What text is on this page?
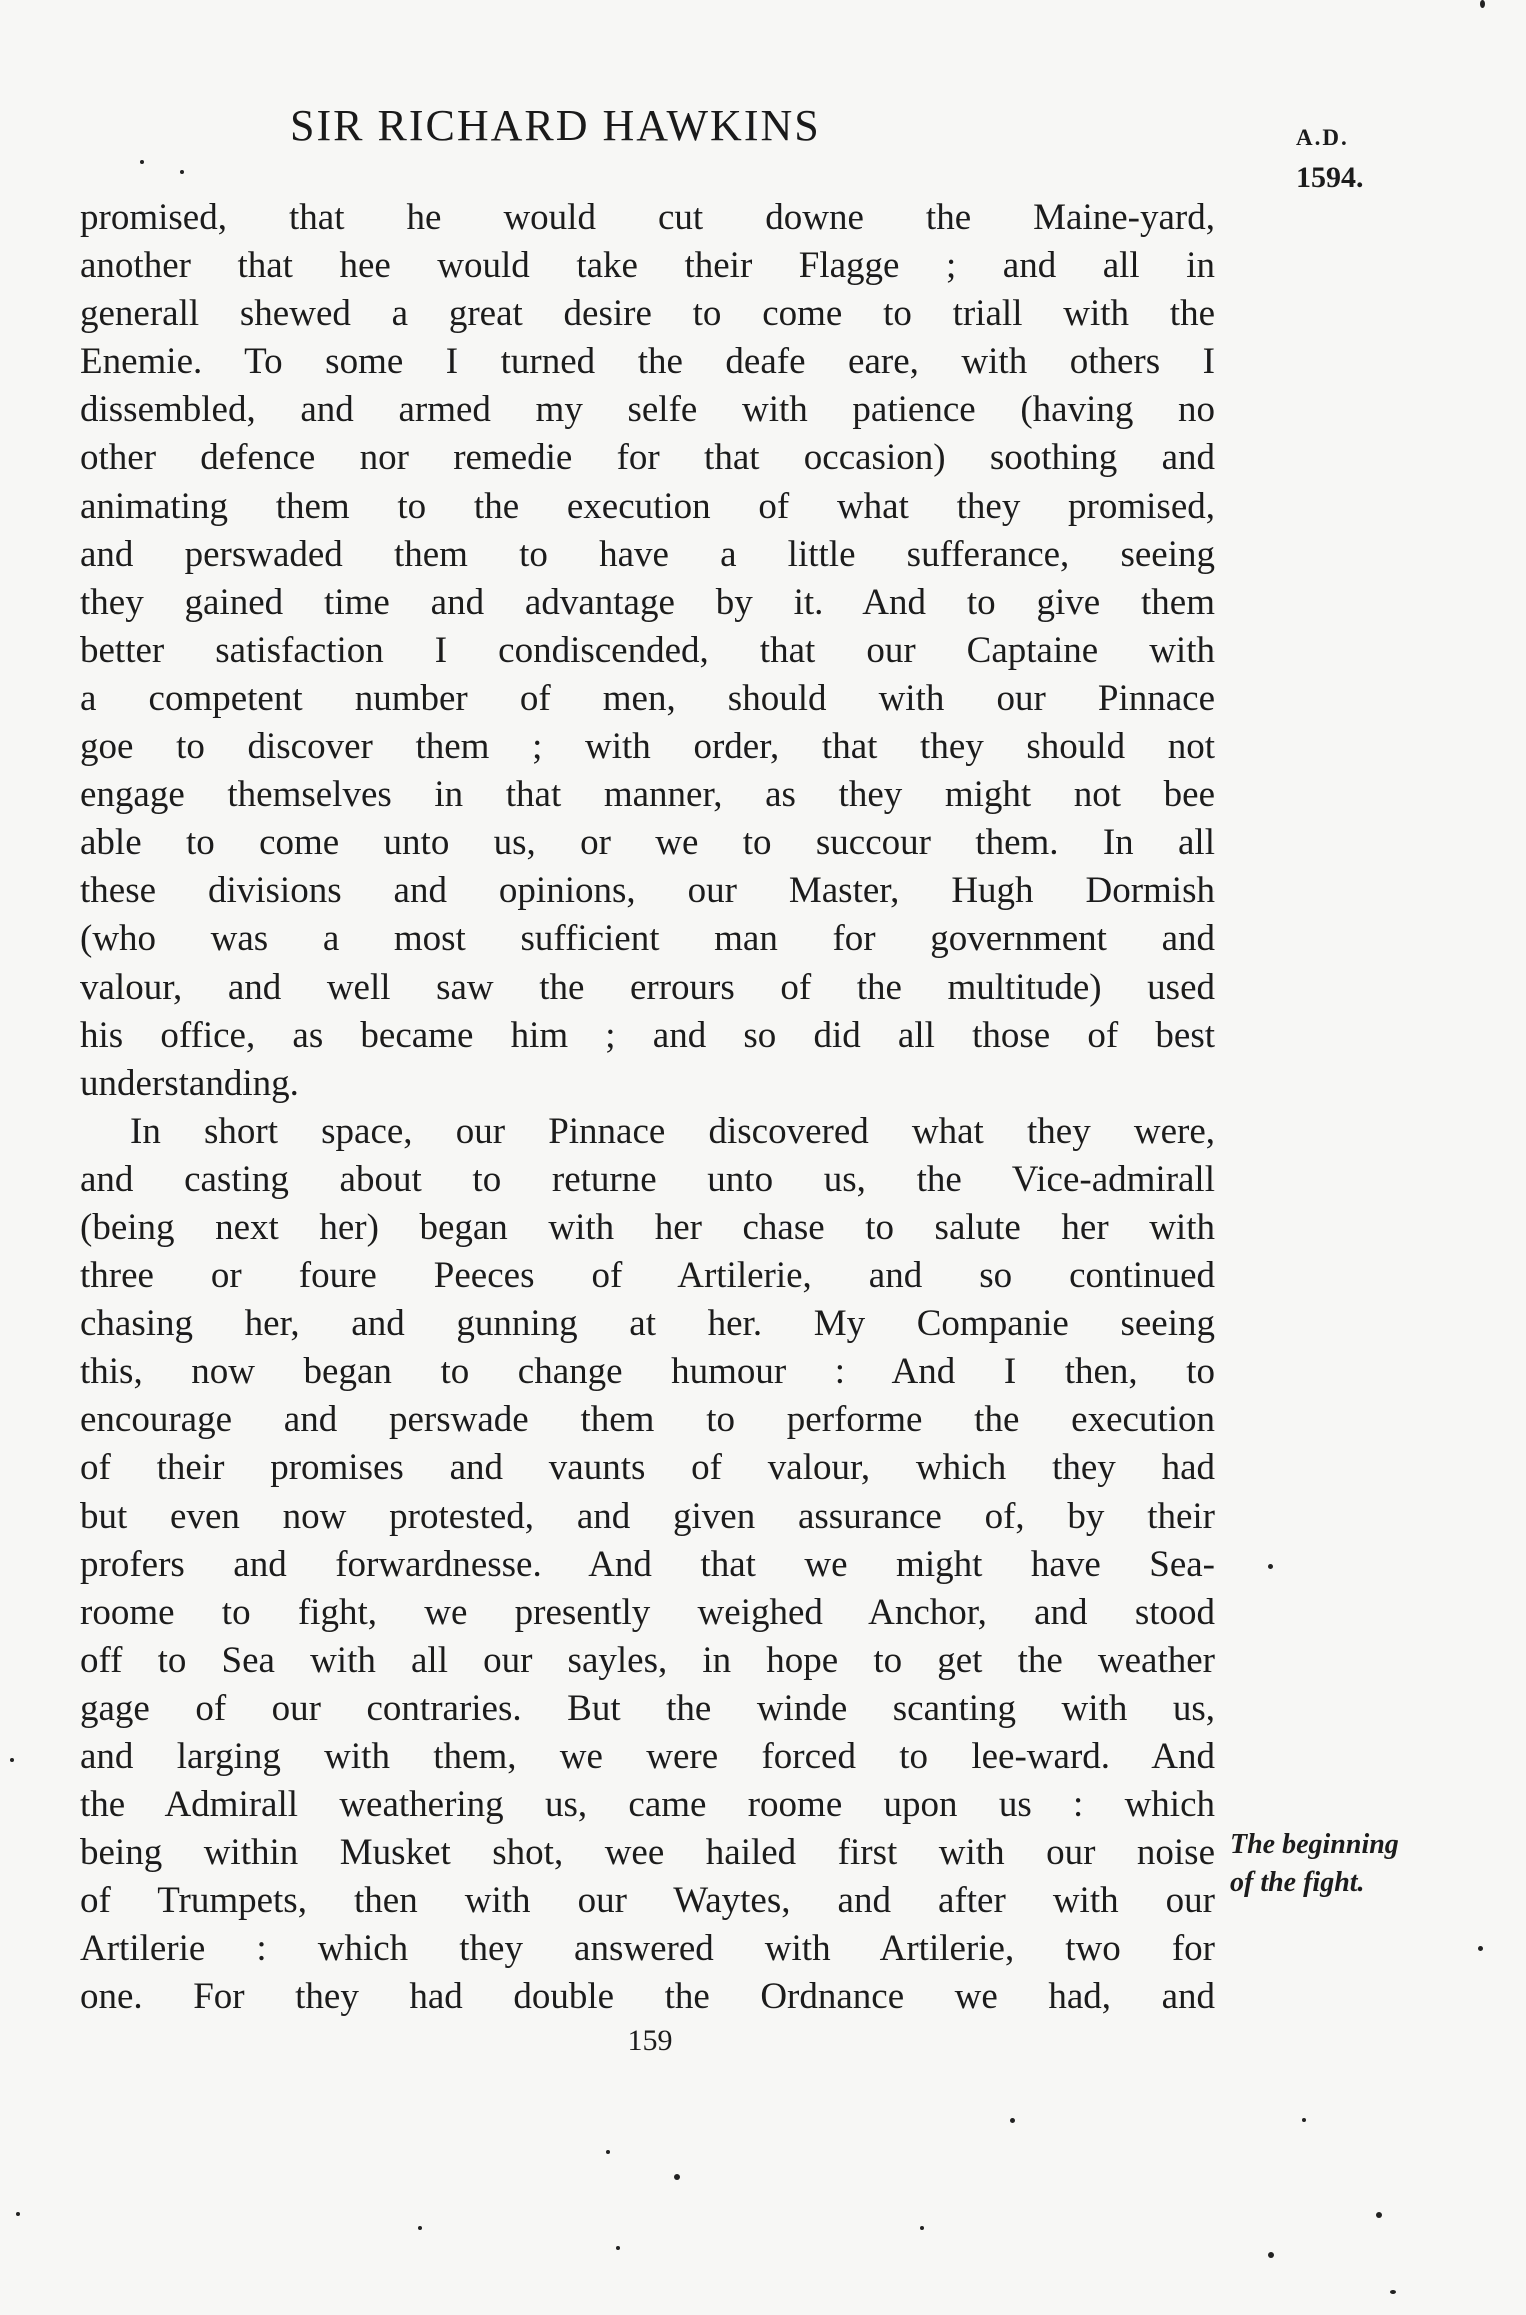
SIR RICHARD HAWKINS	A.D.
1594.
promised, that he would cut downe the Maine-yard,
another that hee would take their Flagge ; and all in
generall shewed a great desire to come to triall with the
Enemie. To some I turned the deafe eare, with others I
dissembled, and armed my selfe with patience (having no
other defence nor remedie for that occasion) soothing and
animating them to the execution of what they promised,
and perswaded them to have a little sufferance, seeing
they gained time and advantage by it. And to give them
better satisfaction I condiscended, that our Captaine with
a competent number of men, should with our Pinnace
goe to discover them ; with order, that they should not
engage themselves in that manner, as they might not bee
able to come unto us, or we to succour them. In all
these divisions and opinions, our Master, Hugh Dormish
(who was a most sufficient man for government and
valour, and well saw the errours of the multitude) used
his office, as became him ; and so did all those of best
understanding.
In short space, our Pinnace discovered what they were,
and casting about to returne unto us, the Vice-admirall
(being next her) began with her chase to salute her with
three or foure Peeces of Artilerie, and so continued
chasing her, and gunning at her. My Companie seeing
this, now began to change humour : And I then, to
encourage and perswade them to performe the execution
of their promises and vaunts of valour, which they had
but even now protested, and given assurance of, by their
profers and forwardnesse. And that we might have Sea-
roome to fight, we presently weighed Anchor, and stood
off to Sea with all our sayles, in hope to get the weather
gage of our contraries. But the winde scanting with us,
and larging with them, we were forced to lee-ward. And
the Admirall weathering us, came roome upon us : which
being within Musket shot, wee hailed first with our noise
of Trumpets, then with our Waytes, and after with our
Artilerie : which they answered with Artilerie, two for
one. For they had double the Ordnance we had, and
The beginning
of the fight.
159
